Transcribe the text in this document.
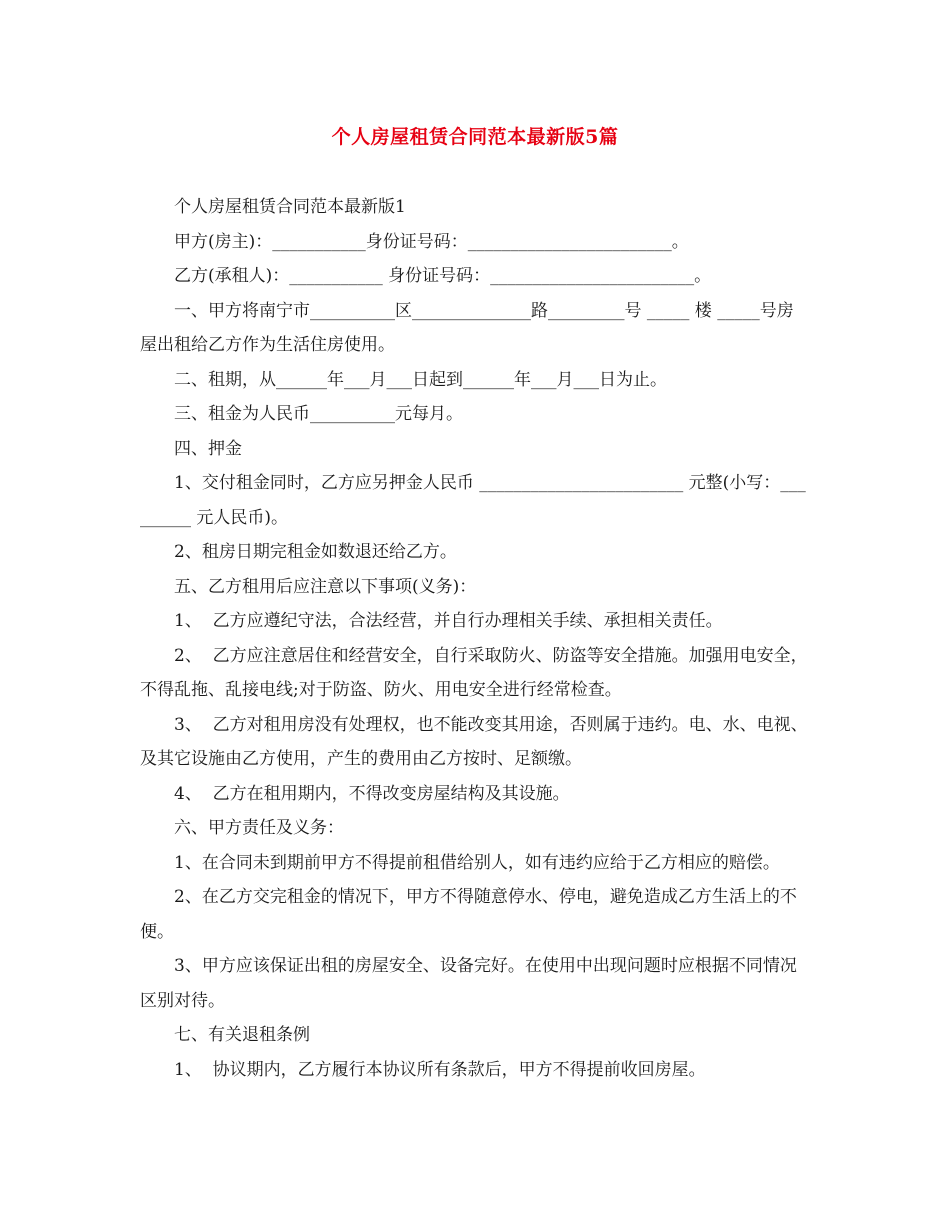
个人房屋租赁合同范本最新版5篇

个人房屋租赁合同范本最新版1

甲方(房主)：___________身份证号码：________________________。

乙方(承租人)：___________ 身份证号码：________________________。

一、甲方将南宁市__________区______________路_________号 _____ 楼 _____号房屋出租给乙方作为生活住房使用。

二、租期，从______年___月___日起到______年___月___日为止。

三、租金为人民币__________元每月。

四、押金

1、交付租金同时，乙方应另押金人民币 ________________________ 元整(小写：_________ 元人民币)。

2、租房日期完租金如数退还给乙方。

五、乙方租用后应注意以下事项(义务)：

1、  乙方应遵纪守法，合法经营，并自行办理相关手续、承担相关责任。

2、  乙方应注意居住和经营安全，自行采取防火、防盗等安全措施。加强用电安全，不得乱拖、乱接电线;对于防盗、防火、用电安全进行经常检查。

3、  乙方对租用房没有处理权，也不能改变其用途，否则属于违约。电、水、电视、及其它设施由乙方使用，产生的费用由乙方按时、足额缴。

4、  乙方在租用期内，不得改变房屋结构及其设施。

六、甲方责任及义务：

1、在合同未到期前甲方不得提前租借给别人，如有违约应给于乙方相应的赔偿。

2、在乙方交完租金的情况下，甲方不得随意停水、停电，避免造成乙方生活上的不便。

3、甲方应该保证出租的房屋安全、设备完好。在使用中出现问题时应根据不同情况区别对待。

七、有关退租条例

1、  协议期内，乙方履行本协议所有条款后，甲方不得提前收回房屋。
